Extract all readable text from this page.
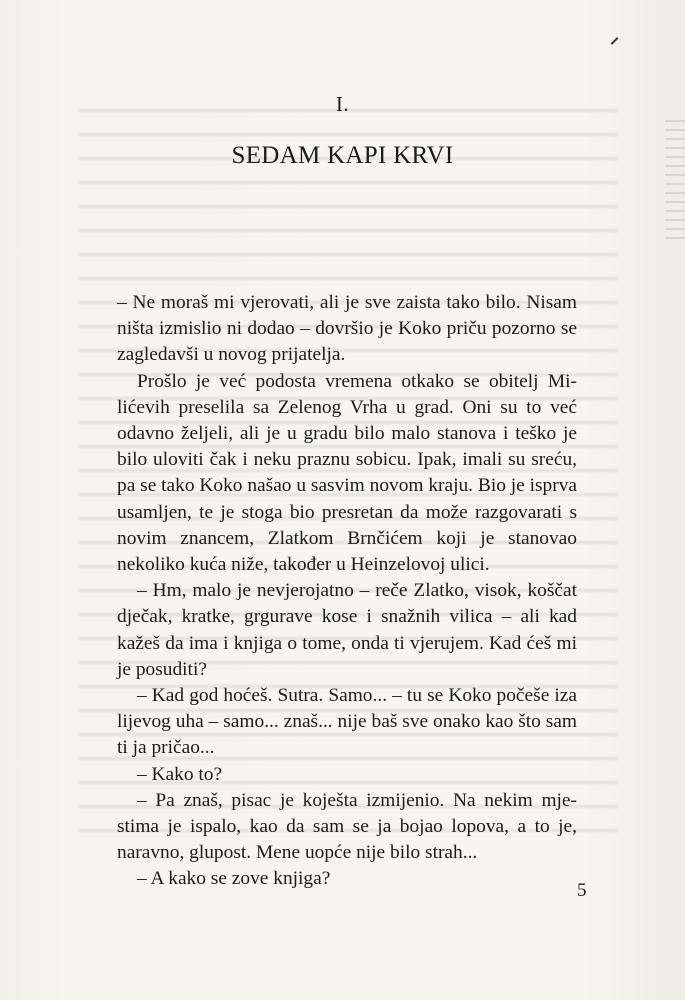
I.
SEDAM KAPI KRVI

– Ne moraš mi vjerovati, ali je sve zaista tako bilo. Nisam ništa izmislio ni dodao – dovršio je Koko priču pozorno se zagledavši u novog prijatelja.

Prošlo je već podosta vremena otkako se obitelj Milićevih preselila sa Zelenog Vrha u grad. Oni su to već odavno željeli, ali je u gradu bilo malo stanova i teško je bilo uloviti čak i neku praznu sobicu. Ipak, imali su sreću, pa se tako Koko našao u sasvim novom kraju. Bio je isprva usamljen, te je stoga bio presretan da može razgovarati s novim znancem, Zlatkom Brnčićem koji je stanovao nekoliko kuća niže, također u Heinzelovoj ulici.

– Hm, malo je nevjerojatno – reče Zlatko, visok, koščat dječak, kratke, grgurave kose i snažnih vilica – ali kad kažeš da ima i knjiga o tome, onda ti vjerujem. Kad ćeš mi je posuditi?

– Kad god hoćeš. Sutra. Samo... – tu se Koko počeše iza lijevog uha – samo... znaš... nije baš sve onako kao što sam ti ja pričao...

– Kako to?

– Pa znaš, pisac je koješta izmijenio. Na nekim mjestima je ispalo, kao da sam se ja bojao lopova, a to je, naravno, glupost. Mene uopće nije bilo strah...

– A kako se zove knjiga?

5
